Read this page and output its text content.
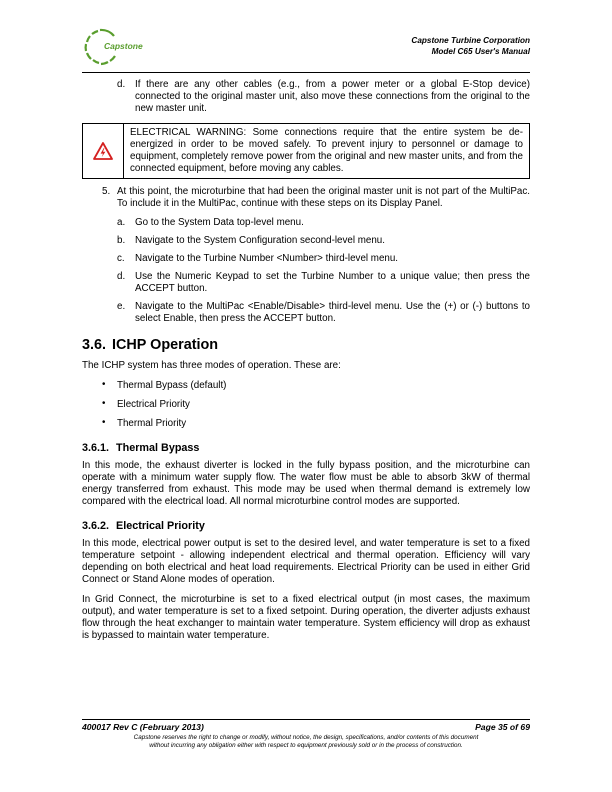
Capstone
Capstone Turbine Corporation
Model C65 User's Manual
d. If there are any other cables (e.g., from a power meter or a global E-Stop device) connected to the original master unit, also move these connections from the original to the new master unit.
ELECTRICAL WARNING: Some connections require that the entire system be de-energized in order to be moved safely. To prevent injury to personnel or damage to equipment, completely remove power from the original and new master units, and from the connected equipment, before moving any cables.
5. At this point, the microturbine that had been the original master unit is not part of the MultiPac. To include it in the MultiPac, continue with these steps on its Display Panel.
a. Go to the System Data top-level menu.
b. Navigate to the System Configuration second-level menu.
c. Navigate to the Turbine Number <Number> third-level menu.
d. Use the Numeric Keypad to set the Turbine Number to a unique value; then press the ACCEPT button.
e. Navigate to the MultiPac <Enable/Disable> third-level menu. Use the (+) or (-) buttons to select Enable, then press the ACCEPT button.
3.6. ICHP Operation
The ICHP system has three modes of operation. These are:
• Thermal Bypass (default)
• Electrical Priority
• Thermal Priority
3.6.1. Thermal Bypass
In this mode, the exhaust diverter is locked in the fully bypass position, and the microturbine can operate with a minimum water supply flow. The water flow must be able to absorb 3kW of thermal energy transferred from exhaust. This mode may be used when thermal demand is extremely low compared with the electrical load. All normal microturbine control modes are supported.
3.6.2. Electrical Priority
In this mode, electrical power output is set to the desired level, and water temperature is set to a fixed temperature setpoint - allowing independent electrical and thermal operation. Efficiency will vary depending on both electrical and heat load requirements. Electrical Priority can be used in either Grid Connect or Stand Alone modes of operation.
In Grid Connect, the microturbine is set to a fixed electrical output (in most cases, the maximum output), and water temperature is set to a fixed setpoint. During operation, the diverter adjusts exhaust flow through the heat exchanger to maintain water temperature. System efficiency will drop as exhaust is bypassed to maintain water temperature.
400017 Rev C (February 2013)	Page 35 of 69
Capstone reserves the right to change or modify, without notice, the design, specifications, and/or contents of this document
without incurring any obligation either with respect to equipment previously sold or in the process of construction.
